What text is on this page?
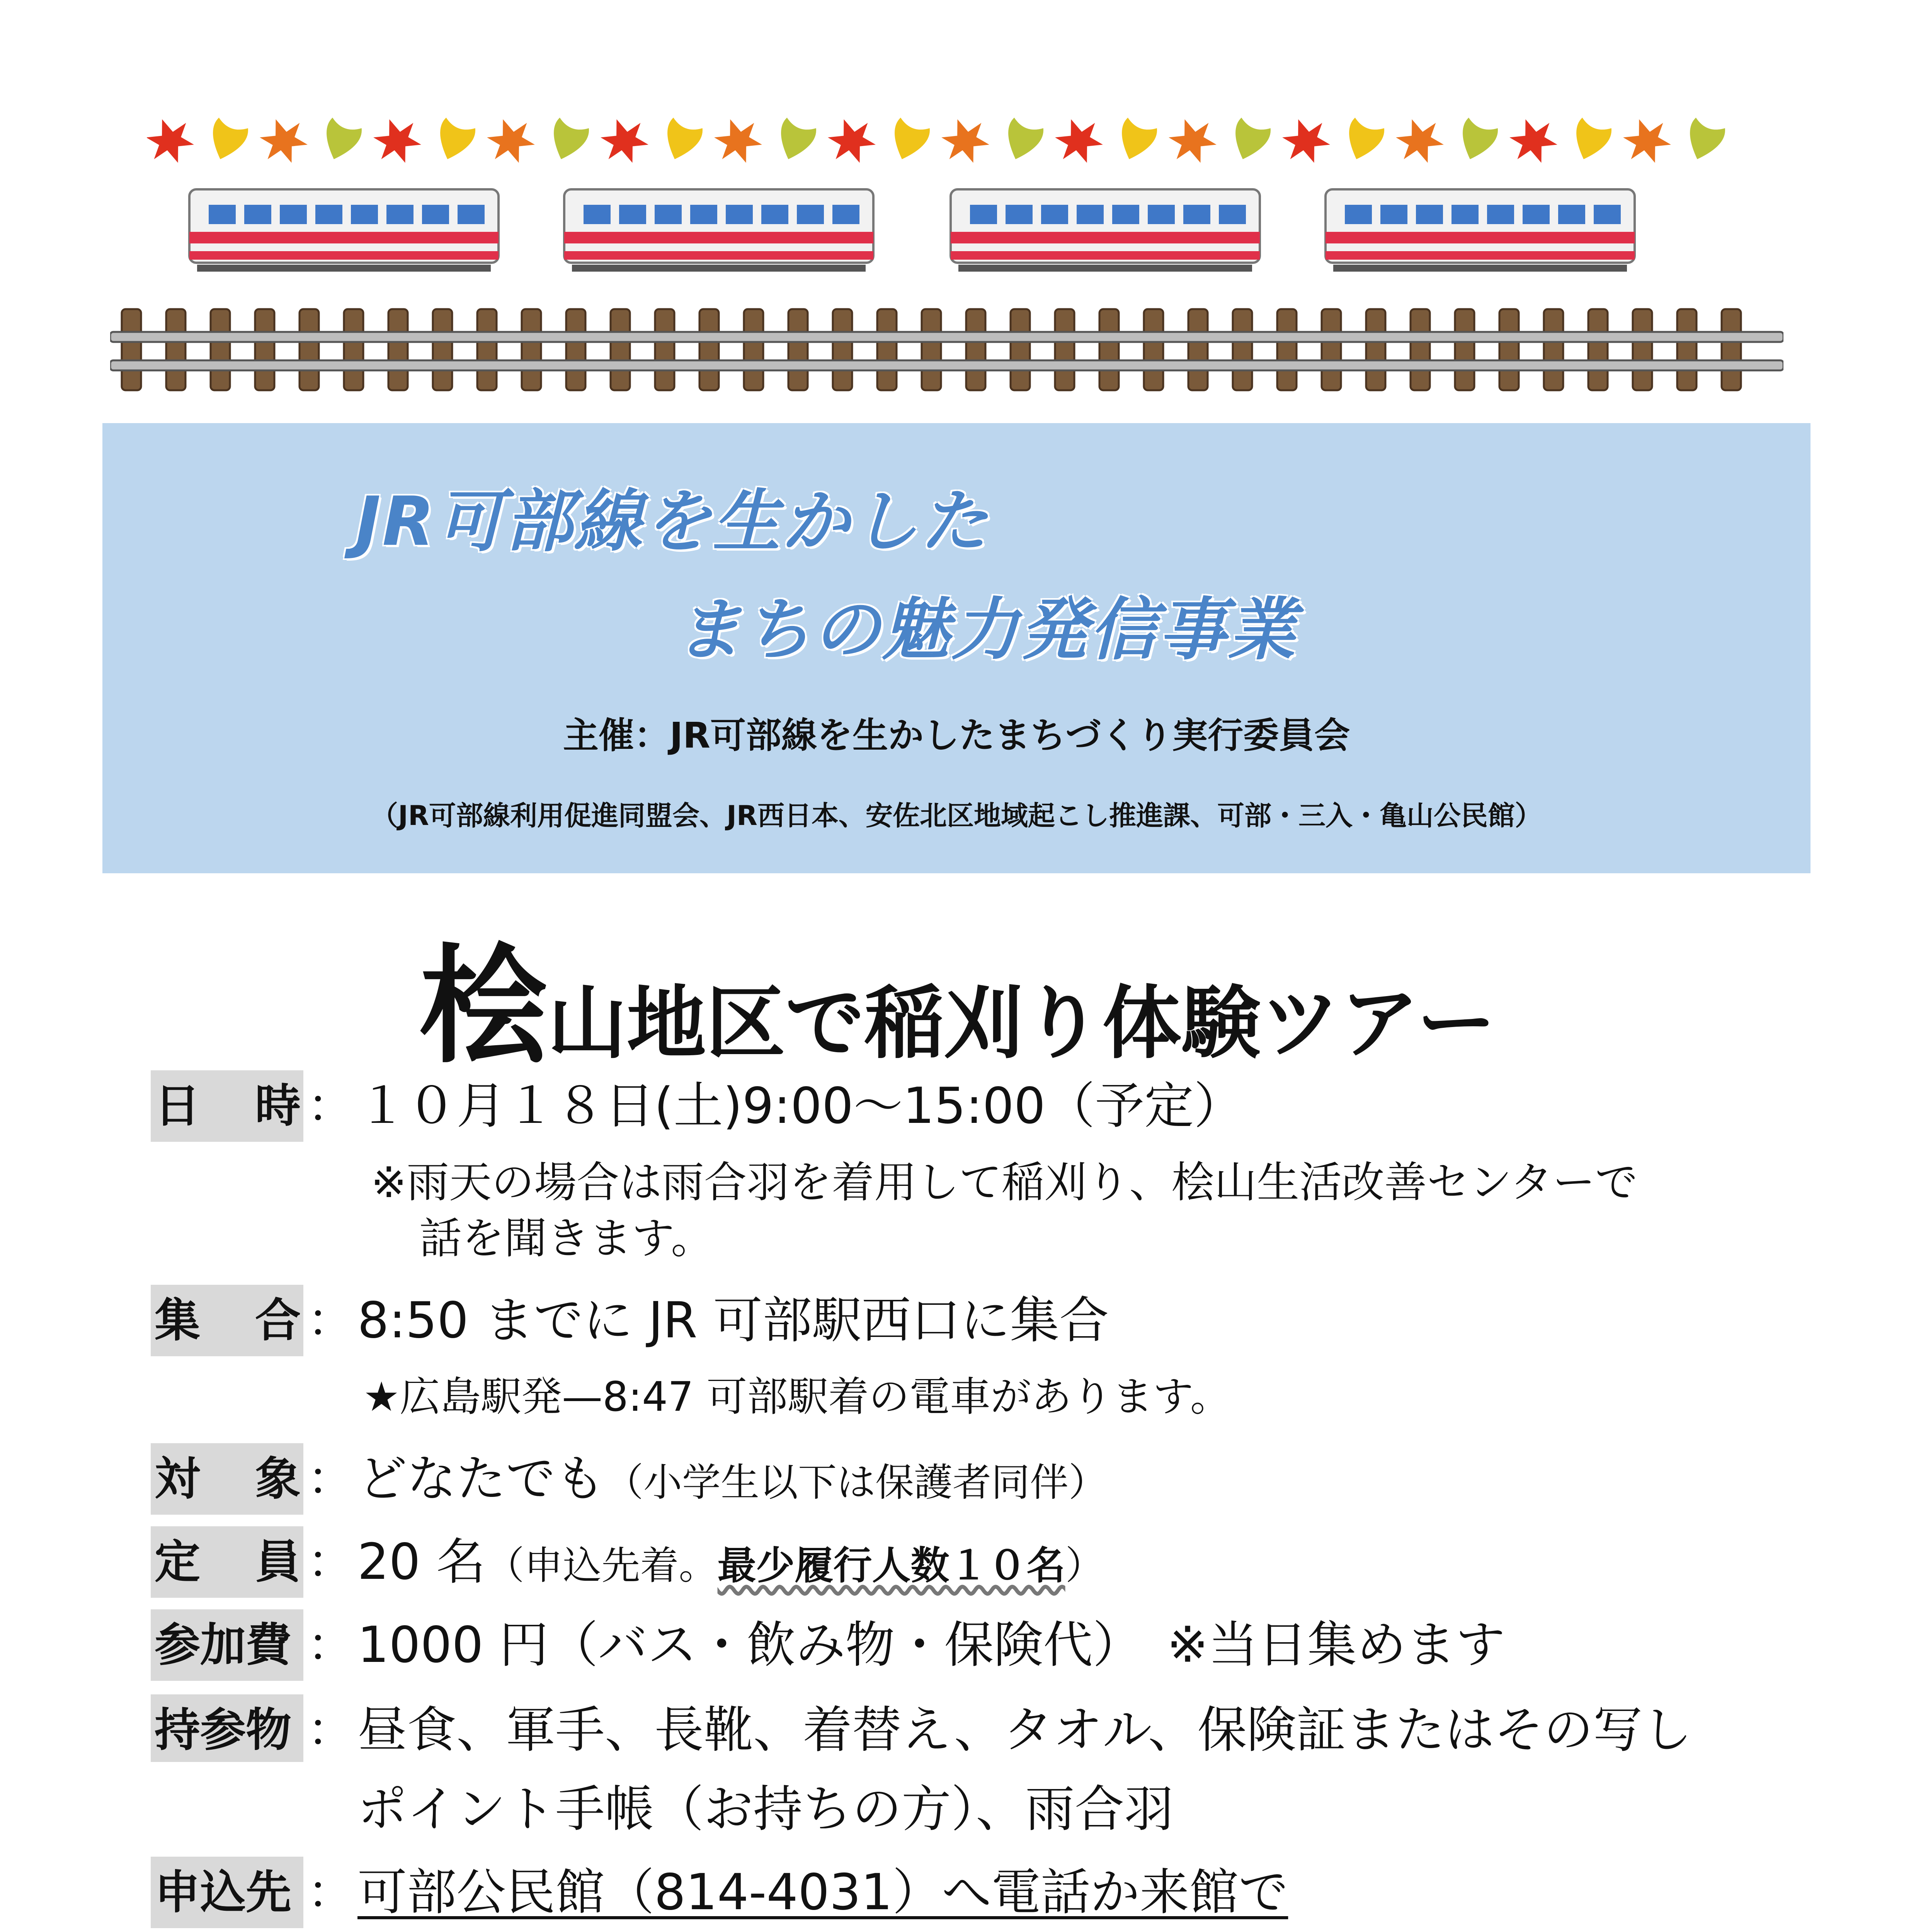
JR可部線を生かした
まちの魅力発信事業
主催：JR可部線を生かしたまちづくり実行委員会
（JR可部線利用促進同盟会、JR西日本、安佐北区地域起こし推進課、可部・三入・亀山公民館）
桧山地区で稲刈り体験ツアー
日 時 ： １０月１８日(土)9:00～15:00（予定）
※雨天の場合は雨合羽を着用して稲刈り、桧山生活改善センターで
話を聞きます。
集 合 ： 8:50 までに JR 可部駅西口に集合
★広島駅発—8:47 可部駅着の電車があります。
対 象 ： どなたでも（小学生以下は保護者同伴）
定 員 ： 20 名（申込先着。最少履行人数１０名）
参加費 ： 1000 円（バス・飲み物・保険代）　※当日集めます
持参物 ： 昼食、軍手、長靴、着替え、タオル、保険証またはその写し
ポイント手帳（お持ちの方）、雨合羽
申込先 ： 可部公民館（814-4031）へ電話か来館で
